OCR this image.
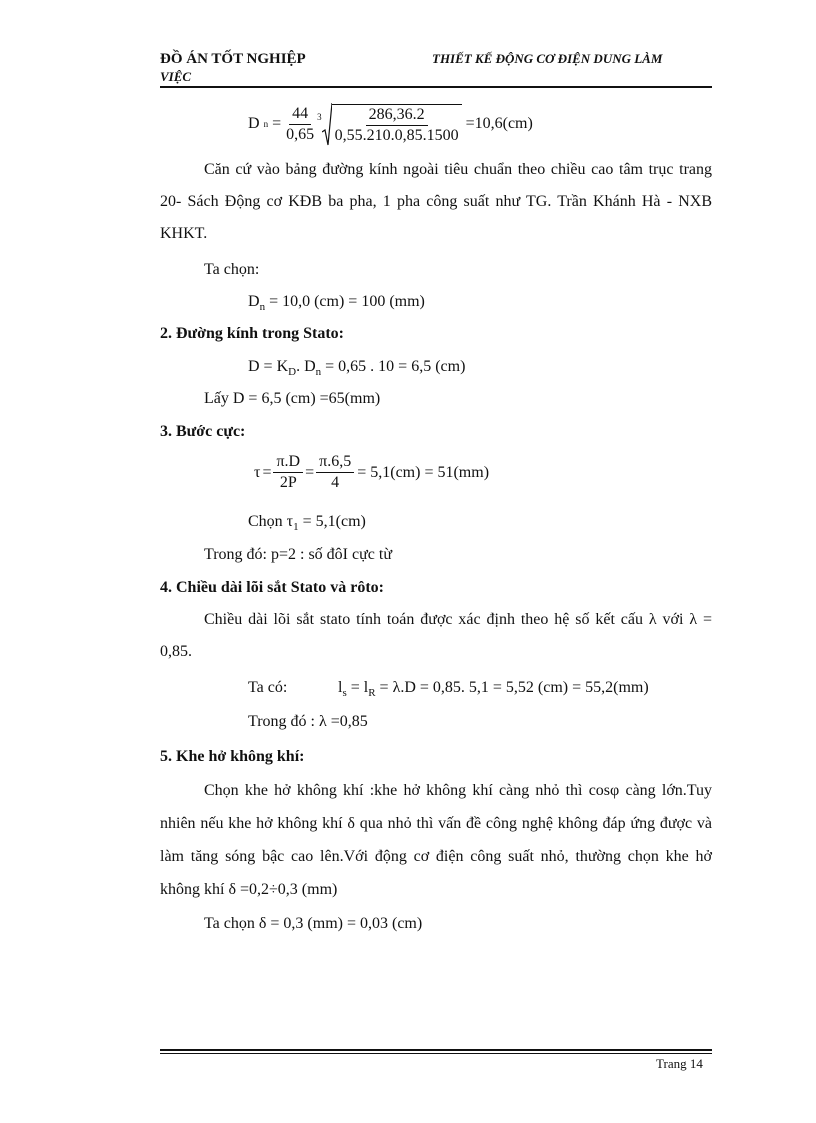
ĐỒ ÁN TỐT NGHIỆP
VIỆC
THIẾT KẾ ĐỘNG CƠ ĐIỆN DUNG LÀM
D $n = \frac{44}{0,65} 3 \frac{286,36.2}{0,55.210.0,85.1500} =10,6(cm)$
Căn cứ vào bảng đường kính ngoài tiêu chuẩn theo chiều cao tâm trục trang 20- Sách Động cơ KĐB ba pha, 1 pha công suất như TG. Trần Khánh Hà - NXB KHKT.
Ta chọn:
$D_n = 10,0$ (cm) = 100 (mm)
2. Đường kính trong Stato:
$D = K_D$. $D_n = 0,65$ . 10 = 6,5 (cm)
Lấy D = 6,5 (cm) =65(mm)
3. Bước cực:
$\tau = \frac{\pi.D}{2P} = \frac{\pi.6,5}{4} = 5,1(cm) = 51(mm)$
Chọn $\tau_1 = 5,1(cm)$
Trong đó: p=2 : số đôI cực từ
4. Chiều dài lõi sắt Stato và rôto:
Chiều dài lõi sắt stato tính toán được xác định theo hệ số kết cấu λ với λ = 0,85.
Ta có:	$l_s = l_R = \lambda.D = 0,85$. 5,1 = 5,52 (cm) = 55,2(mm)
Trong đó : λ =0,85
5. Khe hở không khí:
Chọn khe hở không khí :khe hở không khí càng nhỏ thì cosφ càng lớn.Tuy nhiên nếu khe hở không khí δ qua nhỏ thì vấn đề công nghệ không đáp ứng được và làm tăng sóng bậc cao lên.Với động cơ điện công suất nhỏ, thường chọn khe hở không khí δ =0,2÷0,3 (mm)
Ta chọn δ = 0,3 (mm) = 0,03 (cm)
Trang 14
